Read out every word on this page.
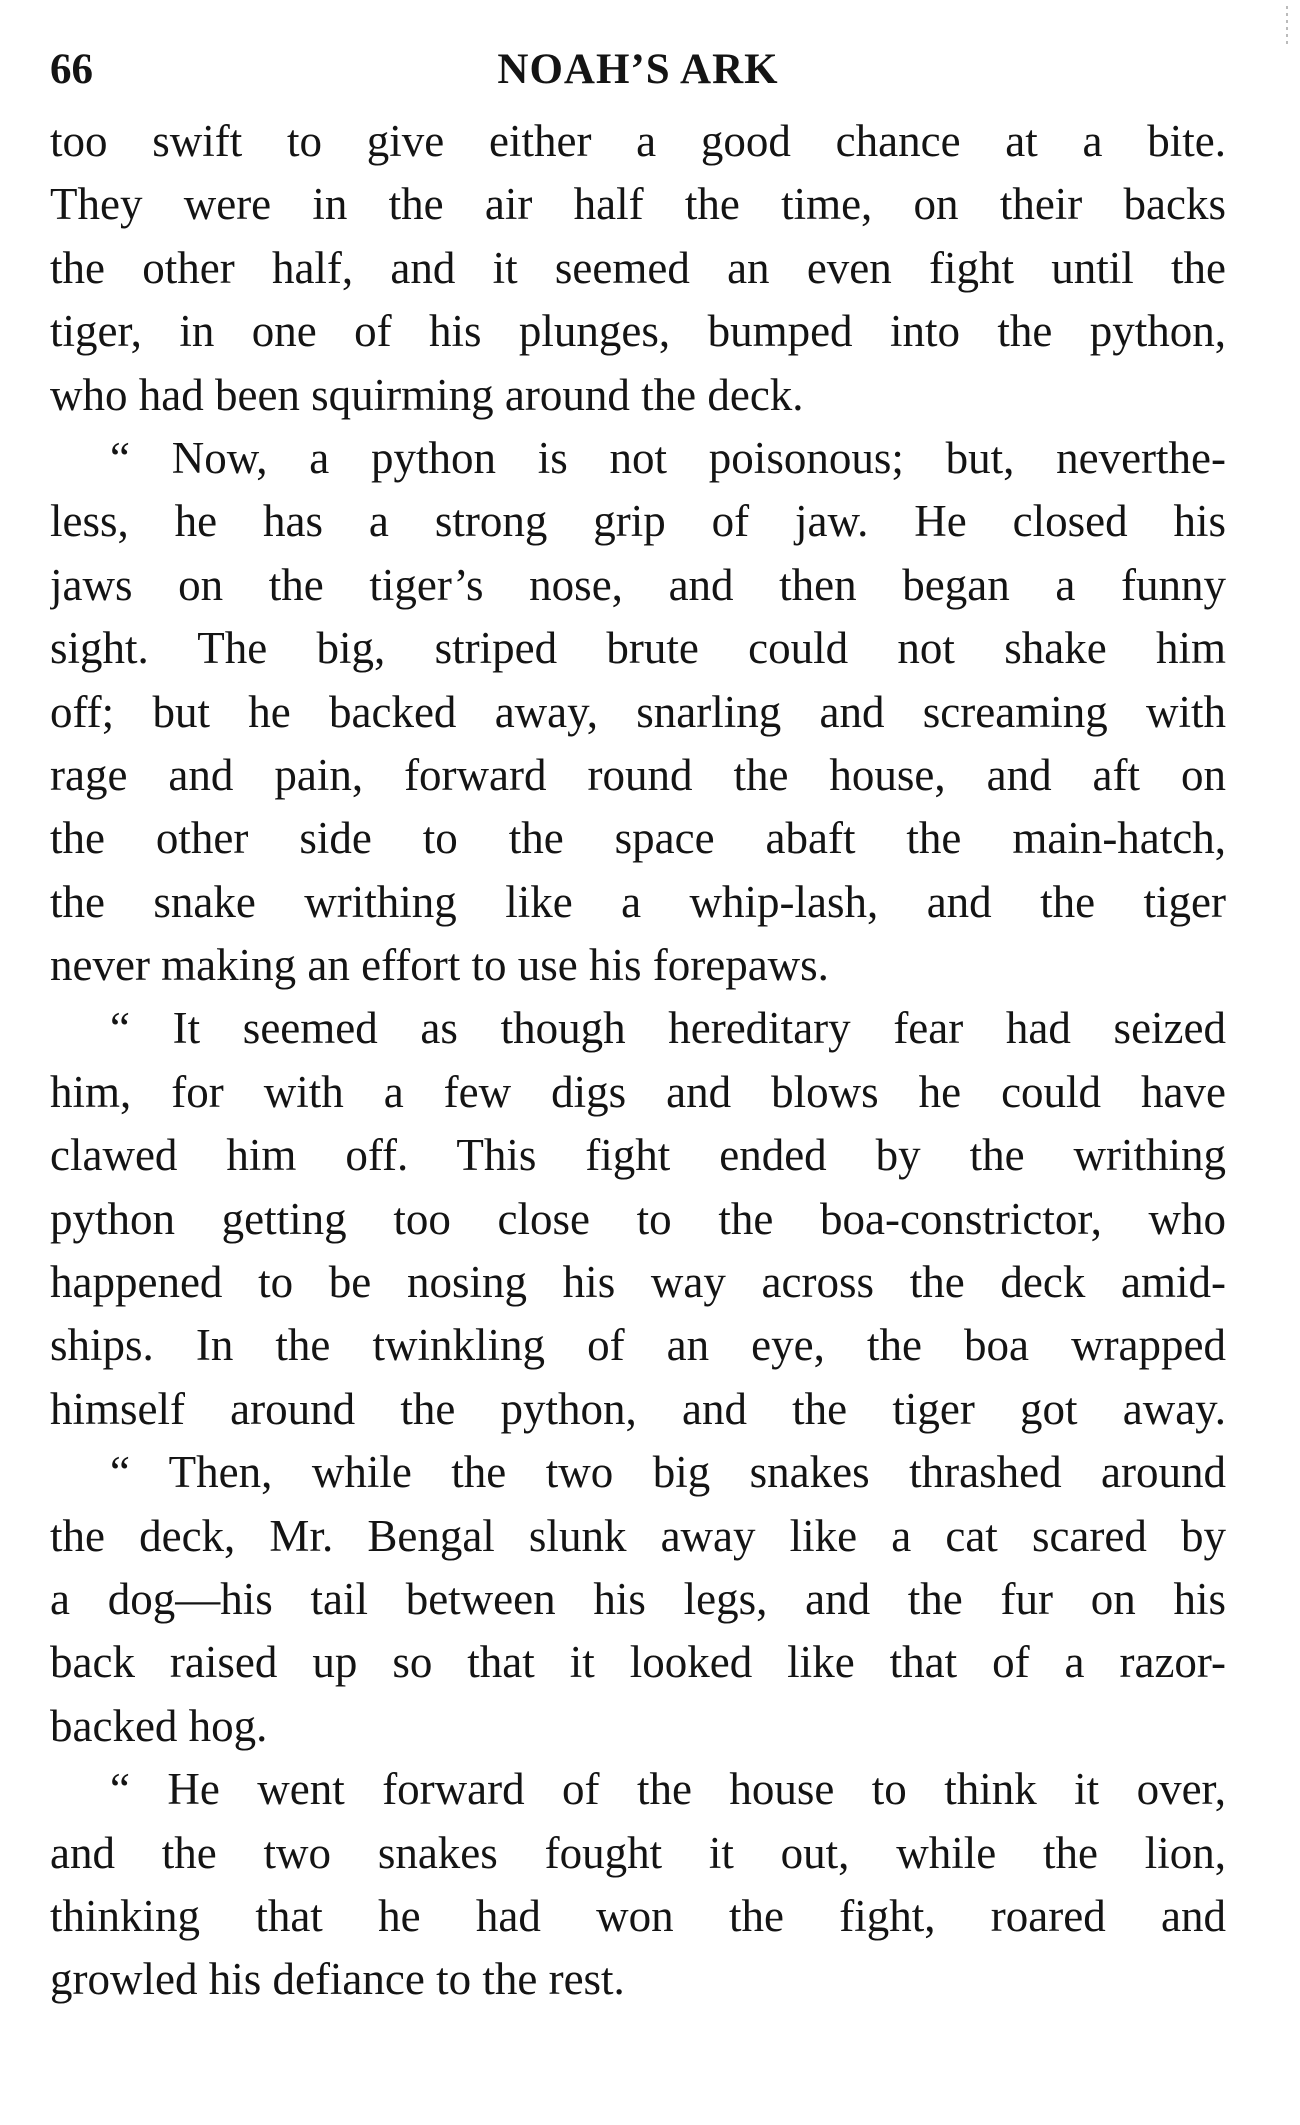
66	NOAH’S ARK
too swift to give either a good chance at a bite.
They were in the air half the time, on their backs
the other half, and it seemed an even fight until the
tiger, in one of his plunges, bumped into the python,
who had been squirming around the deck.
“ Now, a python is not poisonous; but, neverthe-
less, he has a strong grip of jaw. He closed his
jaws on the tiger’s nose, and then began a funny
sight. The big, striped brute could not shake him
off; but he backed away, snarling and screaming with
rage and pain, forward round the house, and aft on
the other side to the space abaft the main-hatch,
the snake writhing like a whip-lash, and the tiger
never making an effort to use his forepaws.
“ It seemed as though hereditary fear had seized
him, for with a few digs and blows he could have
clawed him off. This fight ended by the writhing
python getting too close to the boa-constrictor, who
happened to be nosing his way across the deck amid-
ships. In the twinkling of an eye, the boa wrapped
himself around the python, and the tiger got away.
“ Then, while the two big snakes thrashed around
the deck, Mr. Bengal slunk away like a cat scared by
a dog—his tail between his legs, and the fur on his
back raised up so that it looked like that of a razor-
backed hog.
“ He went forward of the house to think it over,
and the two snakes fought it out, while the lion,
thinking that he had won the fight, roared and
growled his defiance to the rest.
